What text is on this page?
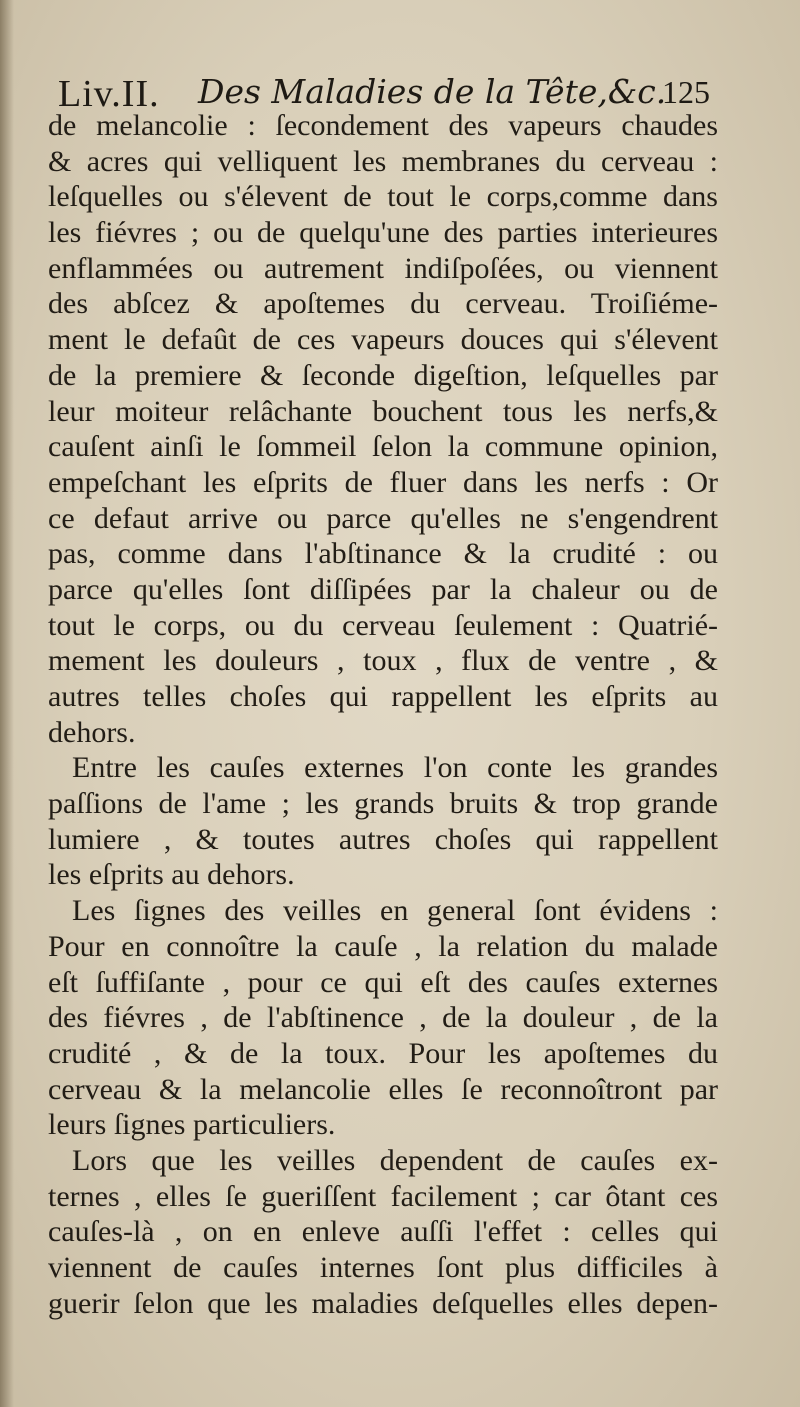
Liv.II. Des Maladies de la Tête,&c.
125
de melancolie : ſecondement des vapeurs chaudes
& acres qui velliquent les membranes du cerveau :
leſquelles ou s'élevent de tout le corps,comme dans
les fiévres ; ou de quelqu'une des parties interieures
enflammées ou autrement indiſpoſées, ou viennent
des abſcez & apoſtemes du cerveau. Troiſiéme-
ment le defaût de ces vapeurs douces qui s'élevent
de la premiere & ſeconde digeſtion, leſquelles par
leur moiteur relâchante bouchent tous les nerfs,&
cauſent ainſi le ſommeil ſelon la commune opinion,
empeſchant les eſprits de fluer dans les nerfs : Or
ce defaut arrive ou parce qu'elles ne s'engendrent
pas, comme dans l'abſtinance & la crudité : ou
parce qu'elles ſont diſſipées par la chaleur ou de
tout le corps, ou du cerveau ſeulement : Quatrié-
mement les douleurs , toux , flux de ventre , &
autres telles choſes qui rappellent les eſprits au
dehors.
Entre les cauſes externes l'on conte les grandes
paſſions de l'ame ; les grands bruits & trop grande
lumiere , & toutes autres choſes qui rappellent
les eſprits au dehors.
Les ſignes des veilles en general ſont évidens :
Pour en connoître la cauſe , la relation du malade
eſt ſuffiſante , pour ce qui eſt des cauſes externes
des fiévres , de l'abſtinence , de la douleur , de la
crudité , & de la toux. Pour les apoſtemes du
cerveau & la melancolie elles ſe reconnoîtront par
leurs ſignes particuliers.
Lors que les veilles dependent de cauſes ex-
ternes , elles ſe gueriſſent facilement ; car ôtant ces
cauſes-là , on en enleve auſſi l'effet : celles qui
viennent de cauſes internes ſont plus difficiles à
guerir ſelon que les maladies deſquelles elles depen-
